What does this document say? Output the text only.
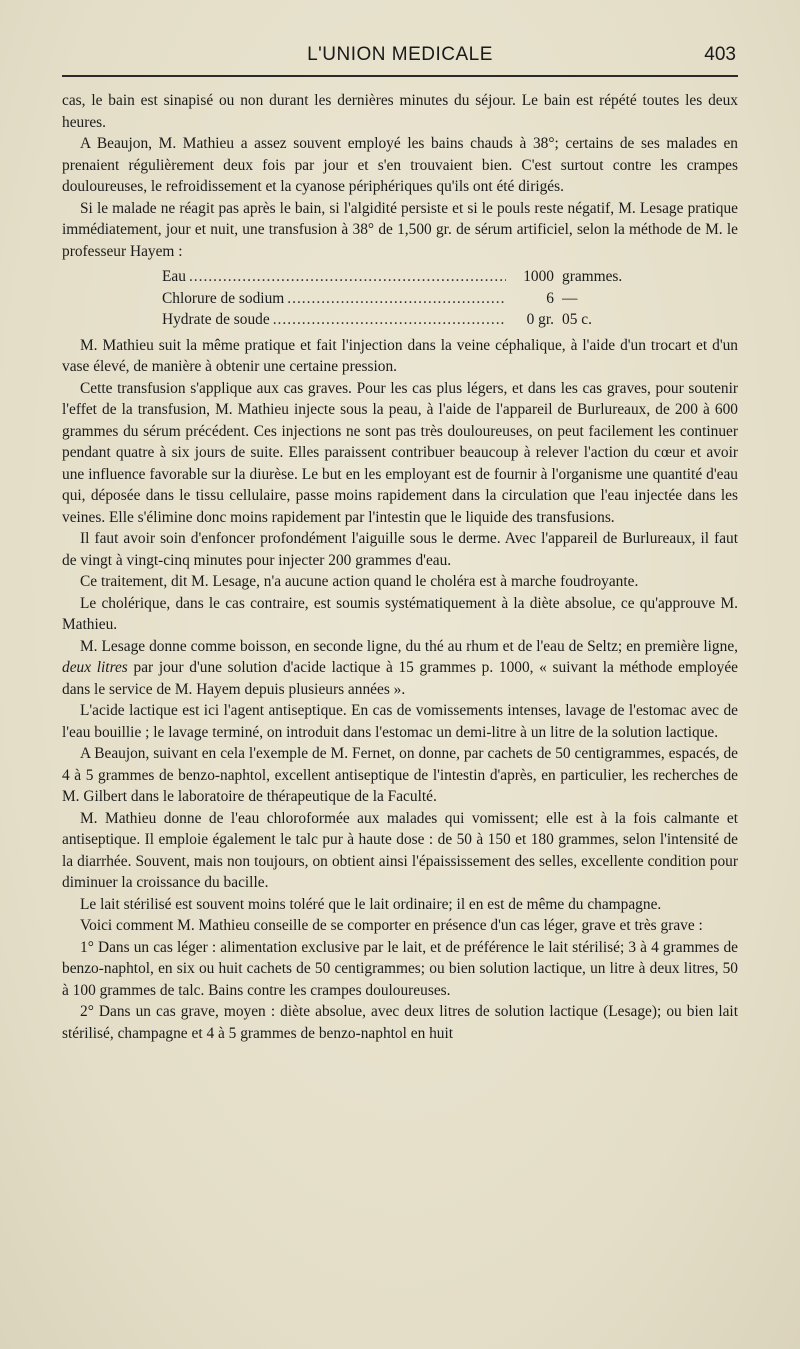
L'UNION MEDICALE	403

cas, le bain est sinapisé ou non durant les dernières minutes du séjour. Le bain est répété toutes les deux heures.

A Beaujon, M. Mathieu a assez souvent employé les bains chauds à 38°; certains de ses malades en prenaient régulièrement deux fois par jour et s'en trouvaient bien. C'est surtout contre les crampes douloureuses, le refroidissement et la cyanose périphériques qu'ils ont été dirigés.

Si le malade ne réagit pas après le bain, si l'algidité persiste et si le pouls reste négatif, M. Lesage pratique immédiatement, jour et nuit, une transfusion à 38° de 1,500 gr. de sérum artificiel, selon la méthode de M. le professeur Hayem :

Eau .....	1000 grammes.
Chlorure de sodium .....	6 —
Hydrate de soude .....	0 gr. 05 c.

M. Mathieu suit la même pratique et fait l'injection dans la veine céphalique, à l'aide d'un trocart et d'un vase élevé, de manière à obtenir une certaine pression.

Cette transfusion s'applique aux cas graves. Pour les cas plus légers, et dans les cas graves, pour soutenir l'effet de la transfusion, M. Mathieu injecte sous la peau, à l'aide de l'appareil de Burlureaux, de 200 à 600 grammes du sérum précédent. Ces injections ne sont pas très douloureuses, on peut facilement les continuer pendant quatre à six jours de suite. Elles paraissent contribuer beaucoup à relever l'action du cœur et avoir une influence favorable sur la diurèse. Le but en les employant est de fournir à l'organisme une quantité d'eau qui, déposée dans le tissu cellulaire, passe moins rapidement dans la circulation que l'eau injectée dans les veines. Elle s'élimine donc moins rapidement par l'intestin que le liquide des transfusions.

Il faut avoir soin d'enfoncer profondément l'aiguille sous le derme. Avec l'appareil de Burlureaux, il faut de vingt à vingt-cinq minutes pour injecter 200 grammes d'eau.

Ce traitement, dit M. Lesage, n'a aucune action quand le choléra est à marche foudroyante.

Le cholérique, dans le cas contraire, est soumis systématiquement à la diète absolue, ce qu'approuve M. Mathieu.

M. Lesage donne comme boisson, en seconde ligne, du thé au rhum et de l'eau de Seltz; en première ligne, deux litres par jour d'une solution d'acide lactique à 15 grammes p. 1000, « suivant la méthode employée dans le service de M. Hayem depuis plusieurs années ».

L'acide lactique est ici l'agent antiseptique. En cas de vomissements intenses, lavage de l'estomac avec de l'eau bouillie ; le lavage terminé, on introduit dans l'estomac un demi-litre à un litre de la solution lactique.

A Beaujon, suivant en cela l'exemple de M. Fernet, on donne, par cachets de 50 centigrammes, espacés, de 4 à 5 grammes de benzo-naphtol, excellent antiseptique de l'intestin d'après, en particulier, les recherches de M. Gilbert dans le laboratoire de thérapeutique de la Faculté.

M. Mathieu donne de l'eau chloroformée aux malades qui vomissent; elle est à la fois calmante et antiseptique. Il emploie également le talc pur à haute dose : de 50 à 150 et 180 grammes, selon l'intensité de la diarrhée. Souvent, mais non toujours, on obtient ainsi l'épaississement des selles, excellente condition pour diminuer la croissance du bacille.

Le lait stérilisé est souvent moins toléré que le lait ordinaire; il en est de même du champagne.

Voici comment M. Mathieu conseille de se comporter en présence d'un cas léger, grave et très grave :

1° Dans un cas léger : alimentation exclusive par le lait, et de préférence le lait stérilisé; 3 à 4 grammes de benzo-naphtol, en six ou huit cachets de 50 centigrammes; ou bien solution lactique, un litre à deux litres, 50 à 100 grammes de talc. Bains contre les crampes douloureuses.

2° Dans un cas grave, moyen : diète absolue, avec deux litres de solution lactique (Lesage); ou bien lait stérilisé, champagne et 4 à 5 grammes de benzo-naphtol en huit
